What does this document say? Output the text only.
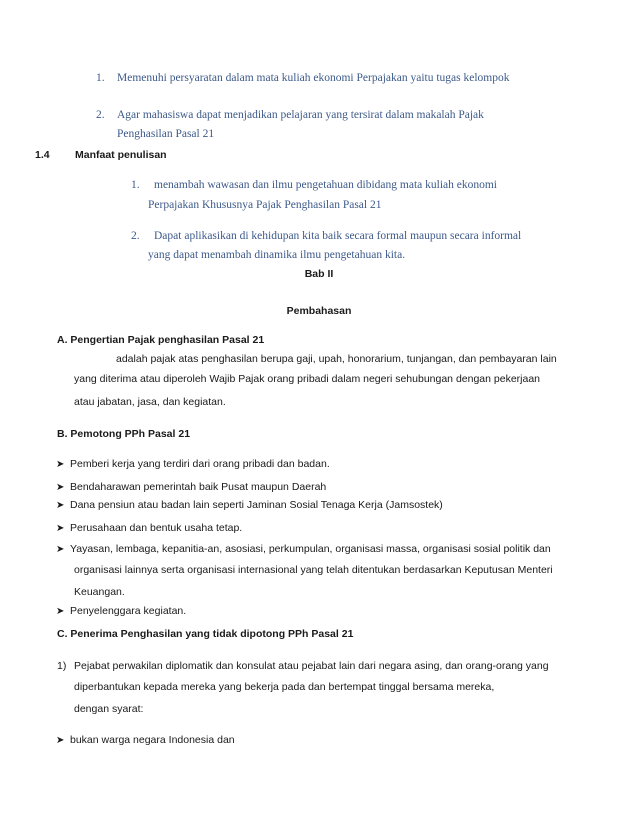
1. Memenuhi persyaratan dalam mata kuliah ekonomi Perpajakan yaitu tugas kelompok
2. Agar mahasiswa dapat menjadikan pelajaran yang tersirat dalam makalah Pajak
Penghasilan Pasal 21
1.4 Manfaat penulisan
1. menambah wawasan dan ilmu pengetahuan dibidang mata kuliah ekonomi
Perpajakan Khususnya Pajak Penghasilan Pasal 21
2. Dapat aplikasikan di kehidupan kita baik secara formal maupun secara informal
yang dapat menambah dinamika ilmu pengetahuan kita.
Bab II
Pembahasan
A. Pengertian Pajak penghasilan Pasal 21
adalah pajak atas penghasilan berupa gaji, upah, honorarium, tunjangan, dan pembayaran lain
yang diterima atau diperoleh Wajib Pajak orang pribadi dalam negeri sehubungan dengan pekerjaan
atau jabatan, jasa, dan kegiatan.
B. Pemotong PPh Pasal 21
➤ Pemberi kerja yang terdiri dari orang pribadi dan badan.
➤ Bendaharawan pemerintah baik Pusat maupun Daerah
➤ Dana pensiun atau badan lain seperti Jaminan Sosial Tenaga Kerja (Jamsostek)
➤ Perusahaan dan bentuk usaha tetap.
➤ Yayasan, lembaga, kepanitia-an, asosiasi, perkumpulan, organisasi massa, organisasi sosial politik dan
organisasi lainnya serta organisasi internasional yang telah ditentukan berdasarkan Keputusan Menteri
Keuangan.
➤ Penyelenggara kegiatan.
C. Penerima Penghasilan yang tidak dipotong PPh Pasal 21
1) Pejabat perwakilan diplomatik dan konsulat atau pejabat lain dari negara asing, dan orang-orang yang
diperbantukan kepada mereka yang bekerja pada dan bertempat tinggal bersama mereka,
dengan syarat:
➤ bukan warga negara Indonesia dan
